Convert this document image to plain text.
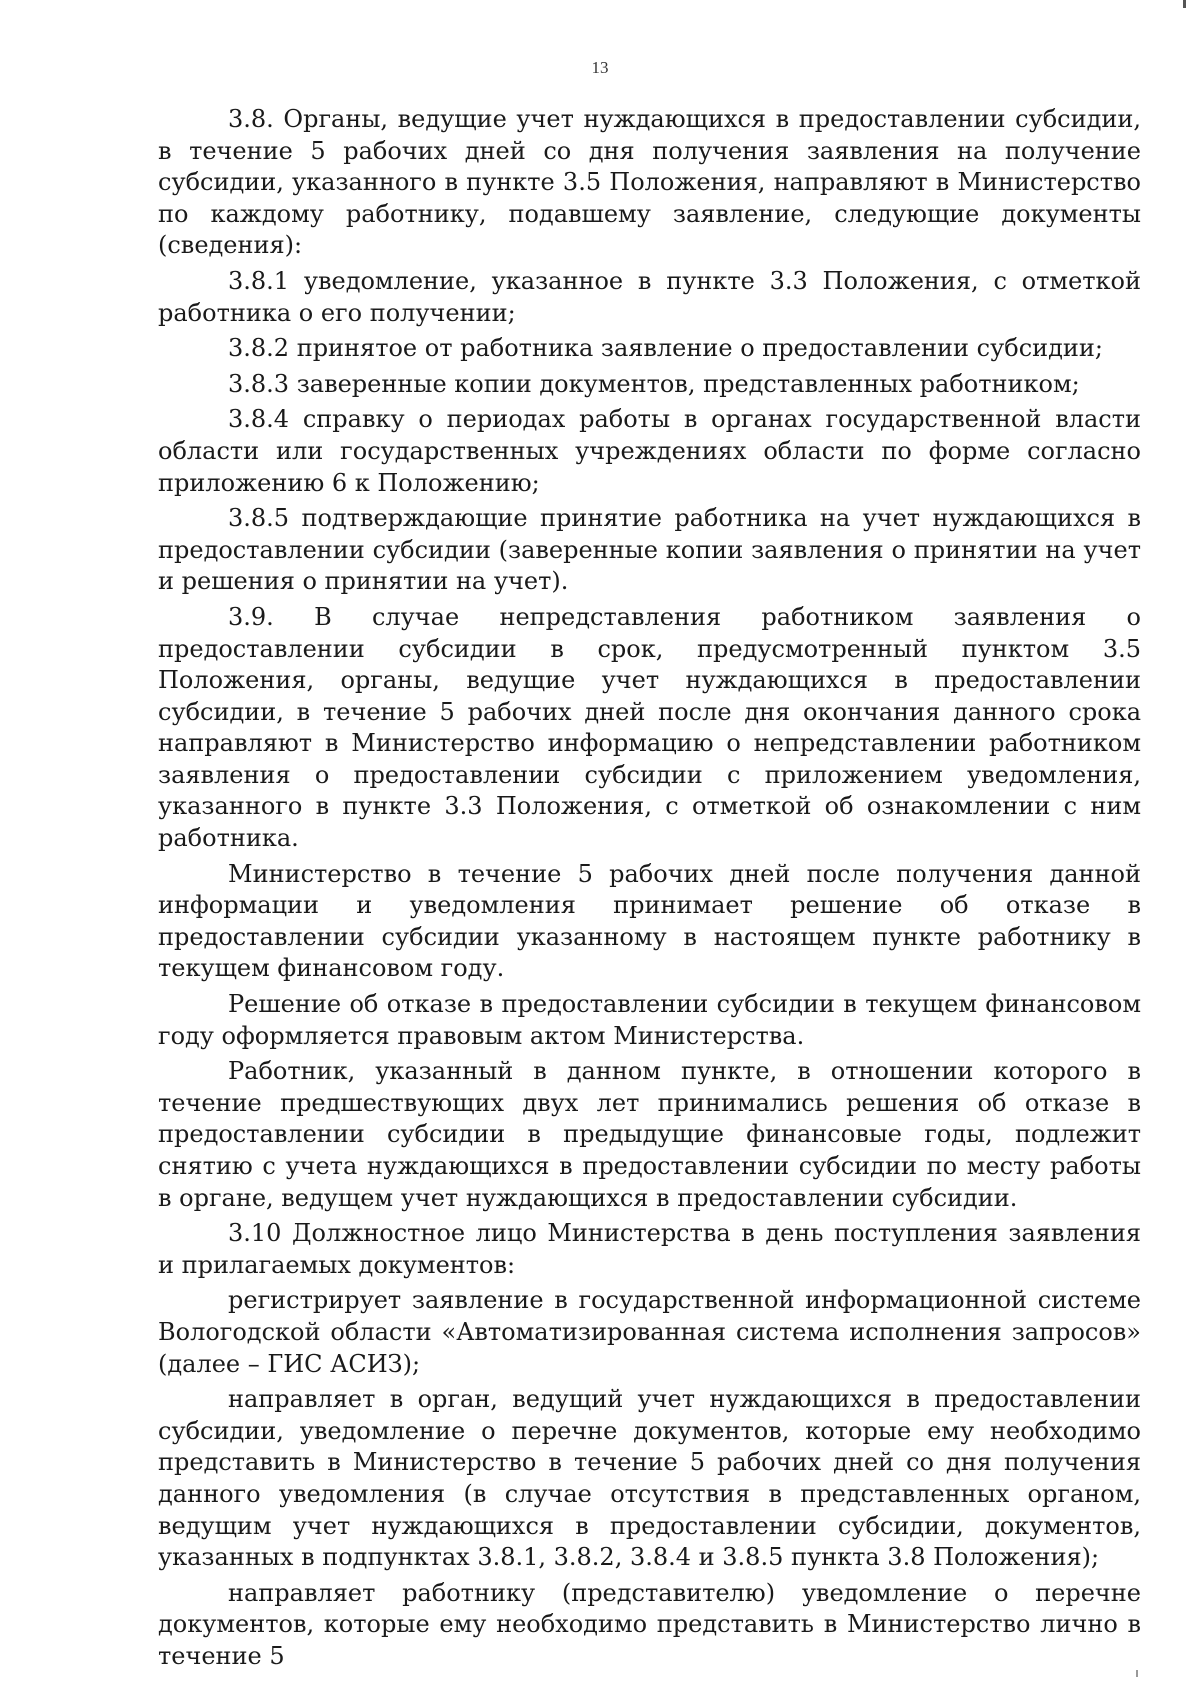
13

3.8. Органы, ведущие учет нуждающихся в предоставлении субсидии, в течение 5 рабочих дней со дня получения заявления на получение субсидии, указанного в пункте 3.5 Положения, направляют в Министерство по каждому работнику, подавшему заявление, следующие документы (сведения):

3.8.1 уведомление, указанное в пункте 3.3 Положения, с отметкой работника о его получении;

3.8.2 принятое от работника заявление о предоставлении субсидии;

3.8.3 заверенные копии документов, представленных работником;

3.8.4 справку о периодах работы в органах государственной власти области или государственных учреждениях области по форме согласно приложению 6 к Положению;

3.8.5 подтверждающие принятие работника на учет нуждающихся в предоставлении субсидии (заверенные копии заявления о принятии на учет и решения о принятии на учет).

3.9. В случае непредставления работником заявления о предоставлении субсидии в срок, предусмотренный пунктом 3.5 Положения, органы, ведущие учет нуждающихся в предоставлении субсидии, в течение 5 рабочих дней после дня окончания данного срока направляют в Министерство информацию о непредставлении работником заявления о предоставлении субсидии с приложением уведомления, указанного в пункте 3.3 Положения, с отметкой об ознакомлении с ним работника.

Министерство в течение 5 рабочих дней после получения данной информации и уведомления принимает решение об отказе в предоставлении субсидии указанному в настоящем пункте работнику в текущем финансовом году.

Решение об отказе в предоставлении субсидии в текущем финансовом году оформляется правовым актом Министерства.

Работник, указанный в данном пункте, в отношении которого в течение предшествующих двух лет принимались решения об отказе в предоставлении субсидии в предыдущие финансовые годы, подлежит снятию с учета нуждающихся в предоставлении субсидии по месту работы в органе, ведущем учет нуждающихся в предоставлении субсидии.

3.10 Должностное лицо Министерства в день поступления заявления и прилагаемых документов:

регистрирует заявление в государственной информационной системе Вологодской области «Автоматизированная система исполнения запросов» (далее – ГИС АСИЗ);

направляет в орган, ведущий учет нуждающихся в предоставлении субсидии, уведомление о перечне документов, которые ему необходимо представить в Министерство в течение 5 рабочих дней со дня получения данного уведомления (в случае отсутствия в представленных органом, ведущим учет нуждающихся в предоставлении субсидии, документов, указанных в подпунктах 3.8.1, 3.8.2, 3.8.4 и 3.8.5 пункта 3.8 Положения);

направляет работнику (представителю) уведомление о перечне документов, которые ему необходимо представить в Министерство лично в течение 5
